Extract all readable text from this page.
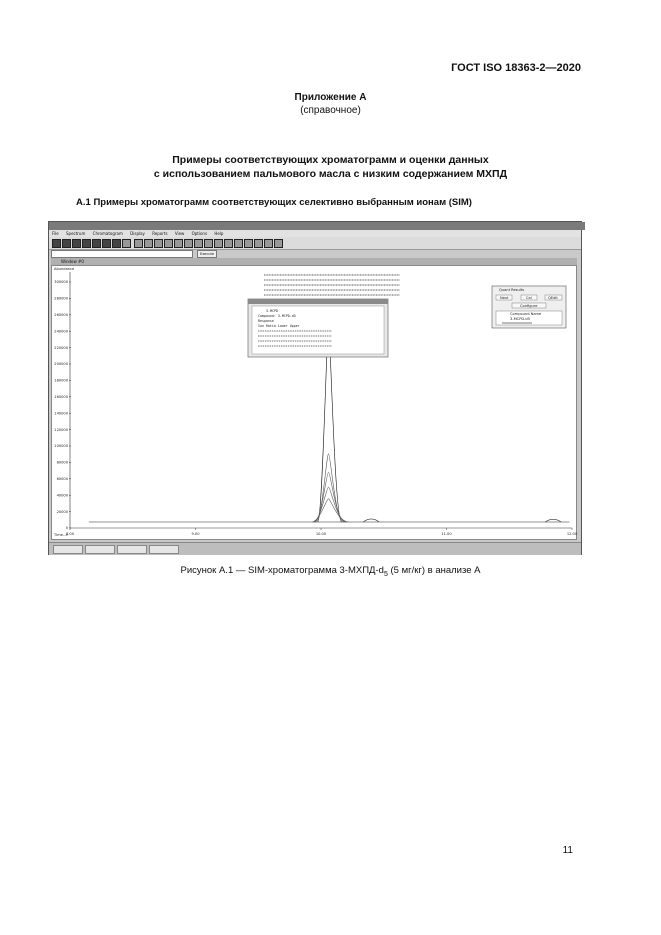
ГОСТ ISO 18363-2—2020
Приложение А
(справочное)
Примеры соответствующих хроматограмм и оценки данных
с использованием пальмового масла с низким содержанием МХПД
А.1 Примеры хроматограмм соответствующих селективно выбранным ионам (SIM)
File Spectrum Chromatogram Display Reports View Options Help
Execute
Window #0
Abundance
Time-->
300000
280000
260000
240000
220000
200000
180000
160000
140000
120000
100000
80000
60000
40000
20000
0
8.00	9.00	10.00	11.00	12.00
3-MCPD
Compound: 3-MCPD-d5
Response
Ion Ratio Lower Upper
Quant Results
Next	Cal	QEdit
Configure
Compound Name
3-MCPD-d5
Рисунок А.1 — SIM-хроматограмма $3-МХПД-d_5$ (5 мг/кг) в анализе А
11
